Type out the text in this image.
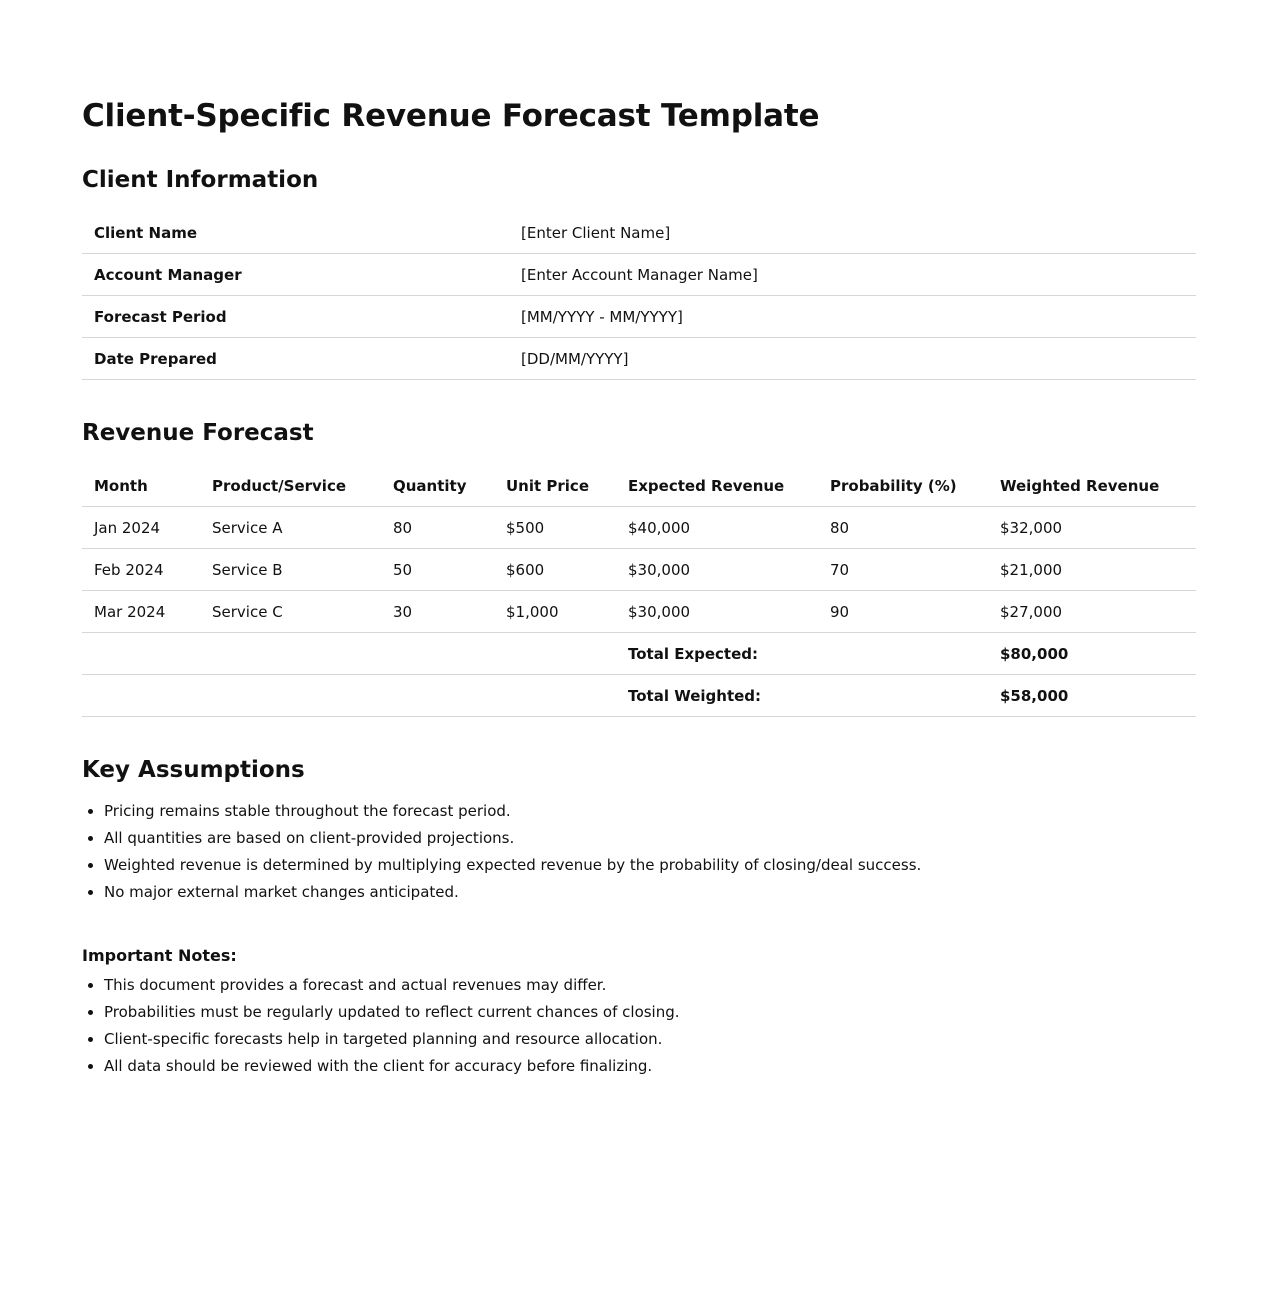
Client-Specific Revenue Forecast Template
Client Information
Client Name	[Enter Client Name]
Account Manager	[Enter Account Manager Name]
Forecast Period	[MM/YYYY - MM/YYYY]
Date Prepared	[DD/MM/YYYY]
Revenue Forecast
Month	Product/Service	Quantity	Unit Price	Expected Revenue	Probability (%)	Weighted Revenue
Jan 2024	Service A	80	$500	$40,000	80	$32,000
Feb 2024	Service B	50	$600	$30,000	70	$21,000
Mar 2024	Service C	30	$1,000	$30,000	90	$27,000
				Total Expected:		$80,000
				Total Weighted:		$58,000
Key Assumptions
• Pricing remains stable throughout the forecast period.
• All quantities are based on client-provided projections.
• Weighted revenue is determined by multiplying expected revenue by the probability of closing/deal success.
• No major external market changes anticipated.
Important Notes:
• This document provides a forecast and actual revenues may differ.
• Probabilities must be regularly updated to reflect current chances of closing.
• Client-specific forecasts help in targeted planning and resource allocation.
• All data should be reviewed with the client for accuracy before finalizing.
